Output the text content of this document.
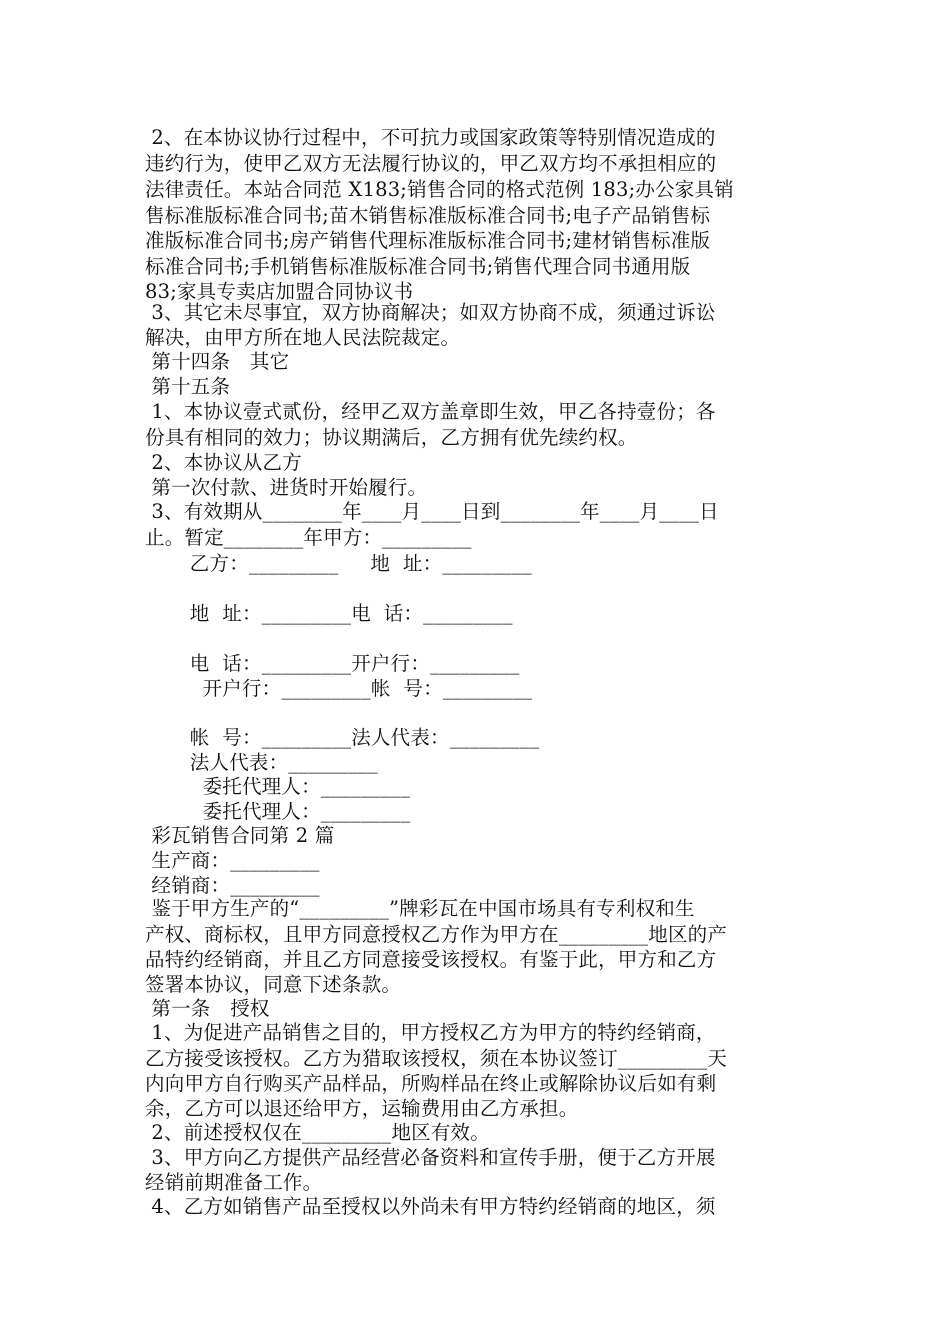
2、在本协议协行过程中，不可抗力或国家政策等特别情况造成的
违约行为，使甲乙双方无法履行协议的，甲乙双方均不承担相应的
法律责任。本站合同范 X183;销售合同的格式范例 183;办公家具销
售标准版标准合同书;苗木销售标准版标准合同书;电子产品销售标
准版标准合同书;房产销售代理标准版标准合同书;建材销售标准版
标准合同书;手机销售标准版标准合同书;销售代理合同书通用版
83;家具专卖店加盟合同协议书
3、其它未尽事宜，双方协商解决；如双方协商不成，须通过诉讼
解决，由甲方所在地人民法院裁定。
第十四条　其它
第十五条
1、本协议壹式贰份，经甲乙双方盖章即生效，甲乙各持壹份；各
份具有相同的效力；协议期满后，乙方拥有优先续约权。
2、本协议从乙方
第一次付款、进货时开始履行。
3、有效期从________年____月____日到________年____月____日
止。暂定________年甲方：_________
乙方：_________     地  址：_________
地  址：_________电  话：_________
电  话：_________开户行：_________
开户行：_________帐  号：_________
帐  号：_________法人代表：_________
法人代表：_________
委托代理人：_________
委托代理人：_________
彩瓦销售合同第 2 篇
生产商：_________
经销商：_________
鉴于甲方生产的“_________”牌彩瓦在中国市场具有专利权和生
产权、商标权，且甲方同意授权乙方作为甲方在_________地区的产
品特约经销商，并且乙方同意接受该授权。有鉴于此，甲方和乙方
签署本协议，同意下述条款。
第一条　授权
1、为促进产品销售之目的，甲方授权乙方为甲方的特约经销商，
乙方接受该授权。乙方为猎取该授权，须在本协议签订_________天
内向甲方自行购买产品样品，所购样品在终止或解除协议后如有剩
余，乙方可以退还给甲方，运输费用由乙方承担。
2、前述授权仅在_________地区有效。
3、甲方向乙方提供产品经营必备资料和宣传手册，便于乙方开展
经销前期准备工作。
4、乙方如销售产品至授权以外尚未有甲方特约经销商的地区，须
